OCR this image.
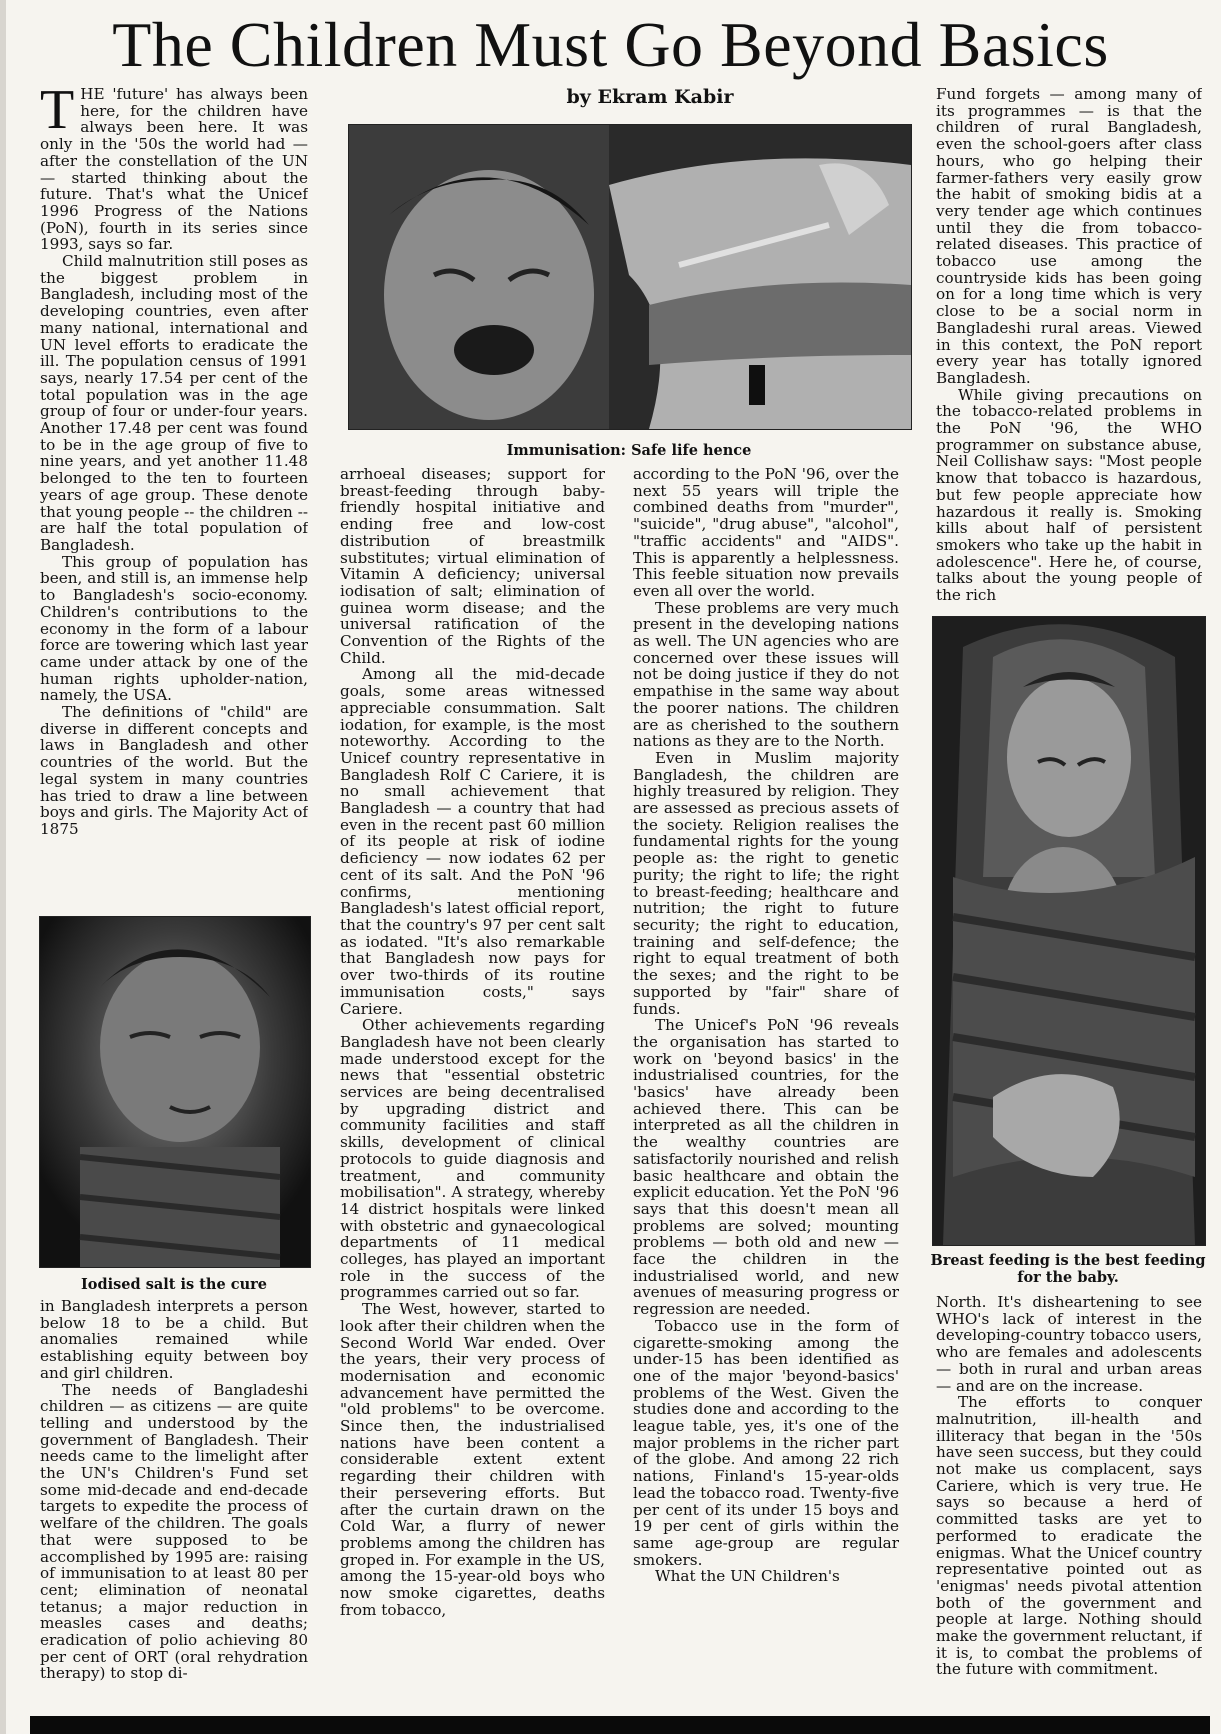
The Children Must Go Beyond Basics
by Ekram Kabir

THE 'future' has always been here, for the children have always been here. It was only in the '50s the world had — after the constellation of the UN — started thinking about the future. That's what the Unicef 1996 Progress of the Nations (PoN), fourth in its series since 1993, says so far.

Child malnutrition still poses as the biggest problem in Bangladesh, including most of the developing countries, even after many national, international and UN level efforts to eradicate the ill. The population census of 1991 says, nearly 17.54 per cent of the total population was in the age group of four or under-four years. Another 17.48 per cent was found to be in the age group of five to nine years, and yet another 11.48 belonged to the ten to fourteen years of age group. These denote that young people -- the children -- are half the total population of Bangladesh.

This group of population has been, and still is, an immense help to Bangladesh's socio-economy. Children's contributions to the economy in the form of a labour force are towering which last year came under attack by one of the human rights upholder-nation, namely, the USA.

The definitions of "child" are diverse in different concepts and laws in Bangladesh and other countries of the world. But the legal system in many countries has tried to draw a line between boys and girls. The Majority Act of 1875

Iodised salt is the cure

in Bangladesh interprets a person below 18 to be a child. But anomalies remained while establishing equity between boy and girl children.

The needs of Bangladeshi children — as citizens — are quite telling and understood by the government of Bangladesh. Their needs came to the limelight after the UN's Children's Fund set some mid-decade and end-decade targets to expedite the process of welfare of the children. The goals that were supposed to be accomplished by 1995 are: raising of immunisation to at least 80 per cent; elimination of neonatal tetanus; a major reduction in measles cases and deaths; eradication of polio achieving 80 per cent of ORT (oral rehydration therapy) to stop di-

Immunisation: Safe life hence

arrhoeal diseases; support for breast-feeding through baby-friendly hospital initiative and ending free and low-cost distribution of breastmilk substitutes; virtual elimination of Vitamin A deficiency; universal iodisation of salt; elimination of guinea worm disease; and the universal ratification of the Convention of the Rights of the Child.

Among all the mid-decade goals, some areas witnessed appreciable consummation. Salt iodation, for example, is the most noteworthy. According to the Unicef country representative in Bangladesh Rolf C Cariere, it is no small achievement that Bangladesh — a country that had even in the recent past 60 million of its people at risk of iodine deficiency — now iodates 62 per cent of its salt. And the PoN '96 confirms, mentioning Bangladesh's latest official report, that the country's 97 per cent salt as iodated. "It's also remarkable that Bangladesh now pays for over two-thirds of its routine immunisation costs," says Cariere.

Other achievements regarding Bangladesh have not been clearly made understood except for the news that "essential obstetric services are being decentralised by upgrading district and community facilities and staff skills, development of clinical protocols to guide diagnosis and treatment, and community mobilisation". A strategy, whereby 14 district hospitals were linked with obstetric and gynaecological departments of 11 medical colleges, has played an important role in the success of the programmes carried out so far.

The West, however, started to look after their children when the Second World War ended. Over the years, their very process of modernisation and economic advancement have permitted the "old problems" to be overcome. Since then, the industrialised nations have been content a considerable extent extent regarding their children with their persevering efforts. But after the curtain drawn on the Cold War, a flurry of newer problems among the children has groped in. For example in the US, among the 15-year-old boys who now smoke cigarettes, deaths from tobacco,

according to the PoN '96, over the next 55 years will triple the combined deaths from "murder", "suicide", "drug abuse", "alcohol", "traffic accidents" and "AIDS". This is apparently a helplessness. This feeble situation now prevails even all over the world.

These problems are very much present in the developing nations as well. The UN agencies who are concerned over these issues will not be doing justice if they do not empathise in the same way about the poorer nations. The children are as cherished to the southern nations as they are to the North.

Even in Muslim majority Bangladesh, the children are highly treasured by religion. They are assessed as precious assets of the society. Religion realises the fundamental rights for the young people as: the right to genetic purity; the right to life; the right to breast-feeding; healthcare and nutrition; the right to future security; the right to education, training and self-defence; the right to equal treatment of both the sexes; and the right to be supported by "fair" share of funds.

The Unicef's PoN '96 reveals the organisation has started to work on 'beyond basics' in the industrialised countries, for the 'basics' have already been achieved there. This can be interpreted as all the children in the wealthy countries are satisfactorily nourished and relish basic healthcare and obtain the explicit education. Yet the PoN '96 says that this doesn't mean all problems are solved; mounting problems — both old and new — face the children in the industrialised world, and new avenues of measuring progress or regression are needed.

Tobacco use in the form of cigarette-smoking among the under-15 has been identified as one of the major 'beyond-basics' problems of the West. Given the studies done and according to the league table, yes, it's one of the major problems in the richer part of the globe. And among 22 rich nations, Finland's 15-year-olds lead the tobacco road. Twenty-five per cent of its under 15 boys and 19 per cent of girls within the same age-group are regular smokers.

What the UN Children's

Fund forgets — among many of its programmes — is that the children of rural Bangladesh, even the school-goers after class hours, who go helping their farmer-fathers very easily grow the habit of smoking bidis at a very tender age which continues until they die from tobacco-related diseases. This practice of tobacco use among the countryside kids has been going on for a long time which is very close to be a social norm in Bangladeshi rural areas. Viewed in this context, the PoN report every year has totally ignored Bangladesh.

While giving precautions on the tobacco-related problems in the PoN '96, the WHO programmer on substance abuse, Neil Collishaw says: "Most people know that tobacco is hazardous, but few people appreciate how hazardous it really is. Smoking kills about half of persistent smokers who take up the habit in adolescence". Here he, of course, talks about the young people of the rich

Breast feeding is the best feeding for the baby.

North. It's disheartening to see WHO's lack of interest in the developing-country tobacco users, who are females and adolescents — both in rural and urban areas — and are on the increase.

The efforts to conquer malnutrition, ill-health and illiteracy that began in the '50s have seen success, but they could not make us complacent, says Cariere, which is very true. He says so because a herd of committed tasks are yet to performed to eradicate the enigmas. What the Unicef country representative pointed out as 'enigmas' needs pivotal attention both of the government and people at large. Nothing should make the government reluctant, if it is, to combat the problems of the future with commitment.
